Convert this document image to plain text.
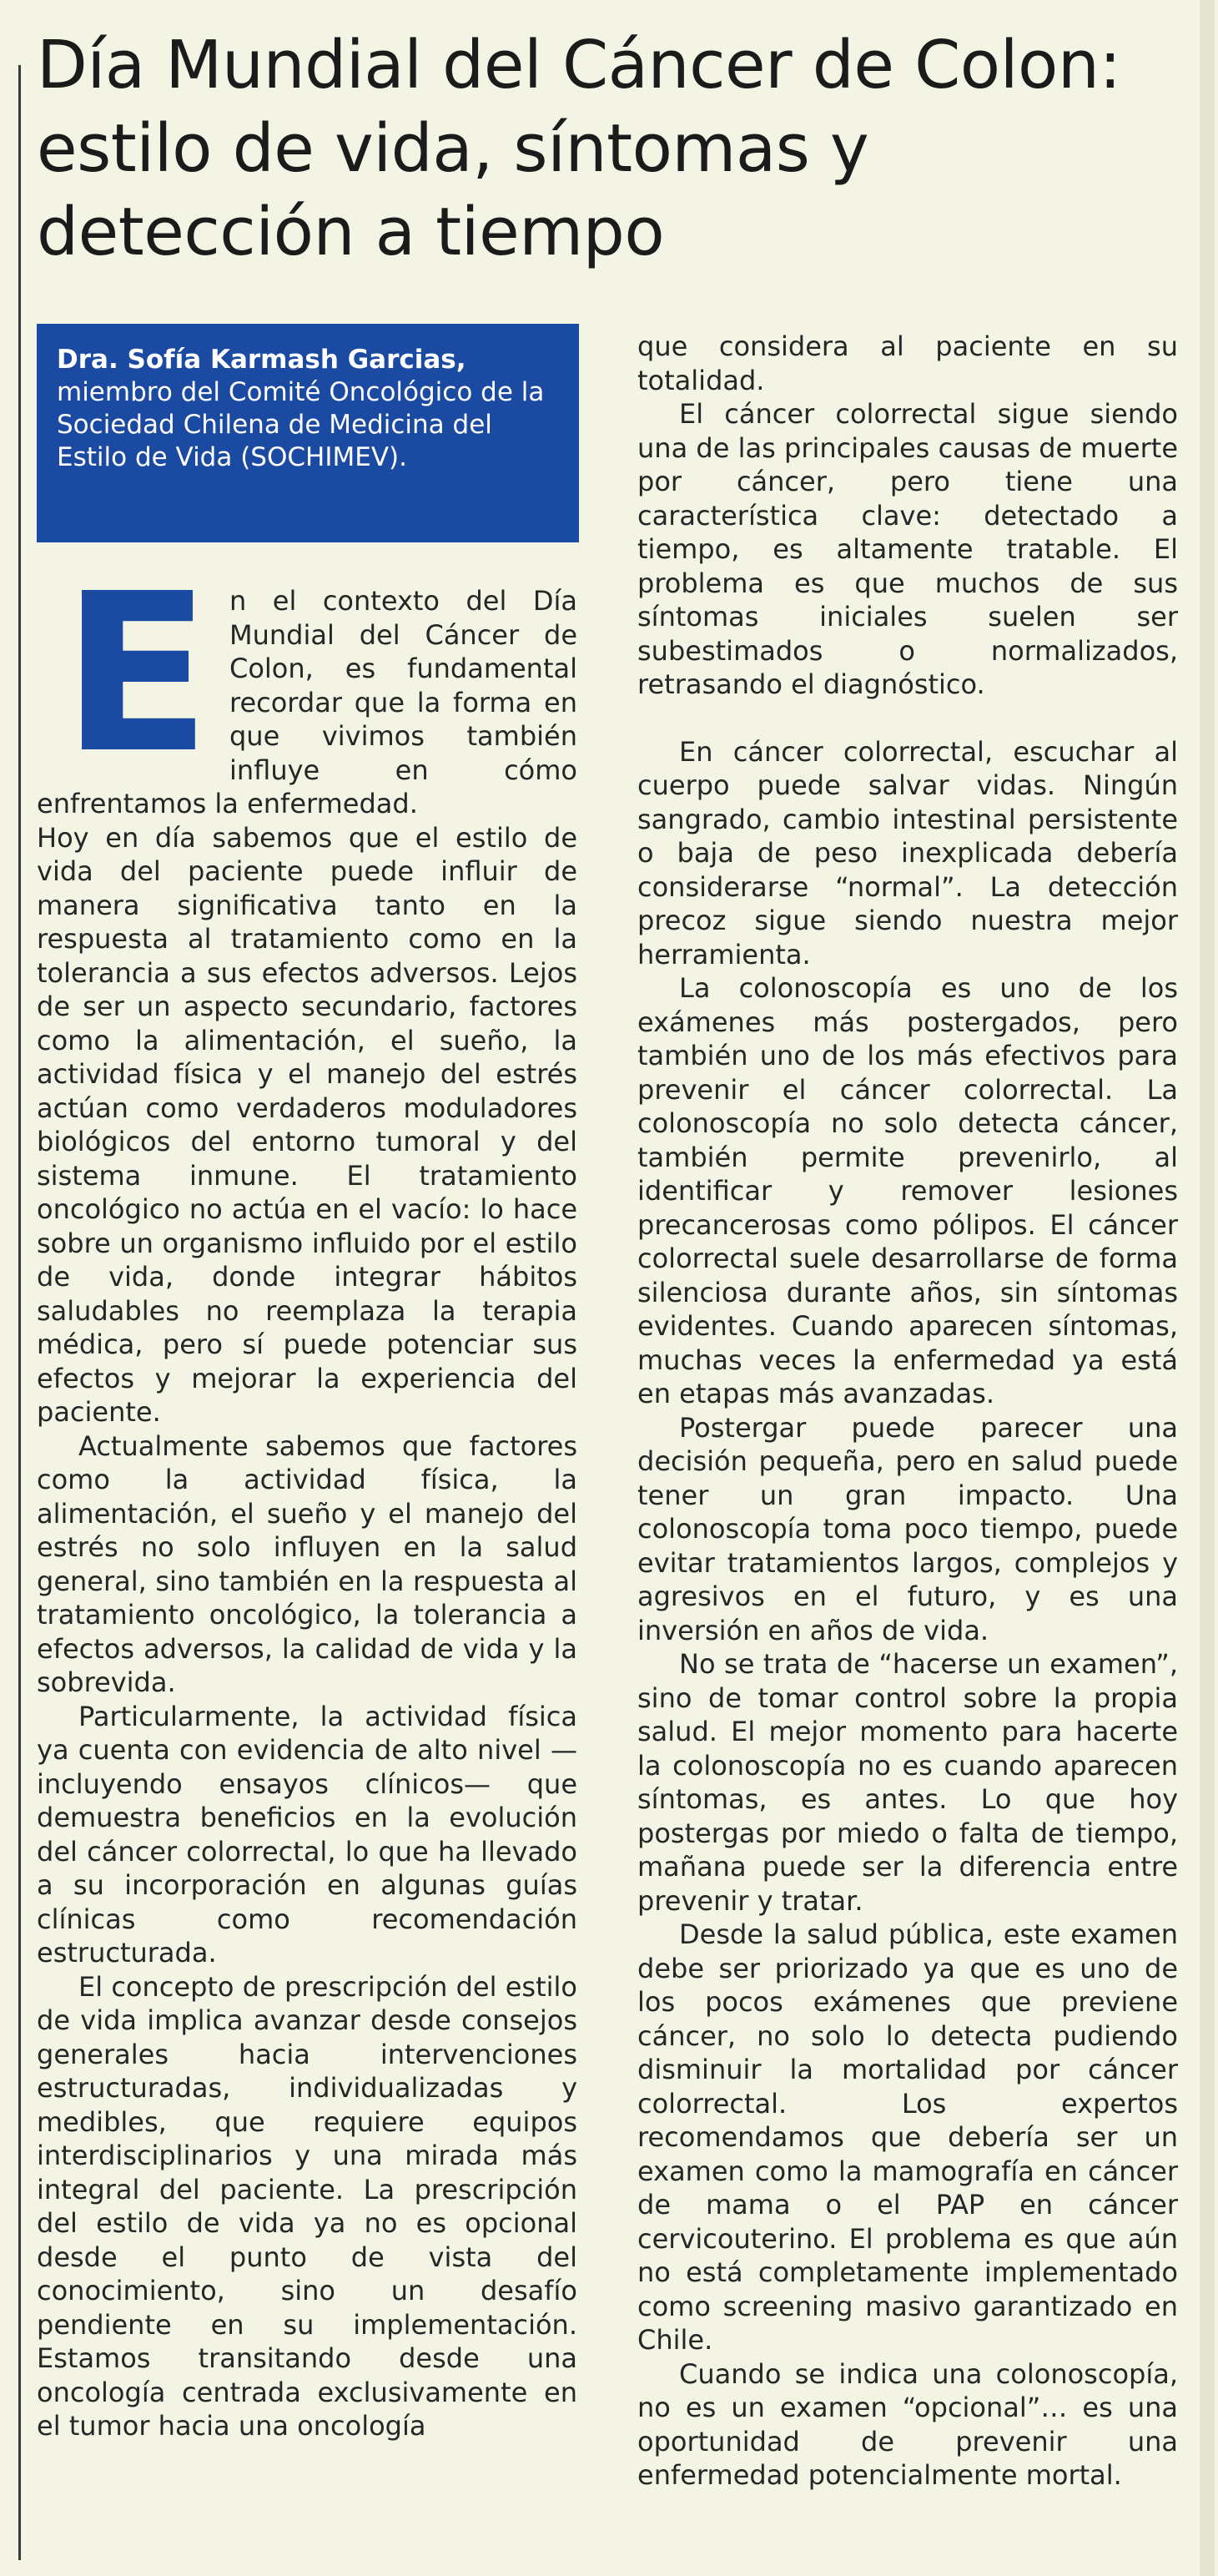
Día Mundial del Cáncer de Colon: estilo de vida, síntomas y detección a tiempo
Dra. Sofía Karmash Garcias,
miembro del Comité Oncológico de la Sociedad Chilena de Medicina del Estilo de Vida (SOCHIMEV).

En el contexto del Día Mundial del Cáncer de Colon, es fundamental recordar que la forma en que vivimos también influye en cómo enfrentamos la enfermedad.

Hoy en día sabemos que el estilo de vida del paciente puede influir de manera significativa tanto en la respuesta al tratamiento como en la tolerancia a sus efectos adversos. Lejos de ser un aspecto secundario, factores como la alimentación, el sueño, la actividad física y el manejo del estrés actúan como verdaderos moduladores biológicos del entorno tumoral y del sistema inmune. El tratamiento oncológico no actúa en el vacío: lo hace sobre un organismo influido por el estilo de vida, donde integrar hábitos saludables no reemplaza la terapia médica, pero sí puede potenciar sus efectos y mejorar la experiencia del paciente.

Actualmente sabemos que factores como la actividad física, la alimentación, el sueño y el manejo del estrés no solo influyen en la salud general, sino también en la respuesta al tratamiento oncológico, la tolerancia a efectos adversos, la calidad de vida y la sobrevida.

Particularmente, la actividad física ya cuenta con evidencia de alto nivel —incluyendo ensayos clínicos— que demuestra beneficios en la evolución del cáncer colorrectal, lo que ha llevado a su incorporación en algunas guías clínicas como recomendación estructurada.

El concepto de prescripción del estilo de vida implica avanzar desde consejos generales hacia intervenciones estructuradas, individualizadas y medibles, que requiere equipos interdisciplinarios y una mirada más integral del paciente. La prescripción del estilo de vida ya no es opcional desde el punto de vista del conocimiento, sino un desafío pendiente en su implementación. Estamos transitando desde una oncología centrada exclusivamente en el tumor hacia una oncología

que considera al paciente en su totalidad.

El cáncer colorrectal sigue siendo una de las principales causas de muerte por cáncer, pero tiene una característica clave: detectado a tiempo, es altamente tratable. El problema es que muchos de sus síntomas iniciales suelen ser subestimados o normalizados, retrasando el diagnóstico.

En cáncer colorrectal, escuchar al cuerpo puede salvar vidas. Ningún sangrado, cambio intestinal persistente o baja de peso inexplicada debería considerarse “normal”. La detección precoz sigue siendo nuestra mejor herramienta.

La colonoscopía es uno de los exámenes más postergados, pero también uno de los más efectivos para prevenir el cáncer colorrectal. La colonoscopía no solo detecta cáncer, también permite prevenirlo, al identificar y remover lesiones precancerosas como pólipos. El cáncer colorrectal suele desarrollarse de forma silenciosa durante años, sin síntomas evidentes. Cuando aparecen síntomas, muchas veces la enfermedad ya está en etapas más avanzadas.

Postergar puede parecer una decisión pequeña, pero en salud puede tener un gran impacto. Una colonoscopía toma poco tiempo, puede evitar tratamientos largos, complejos y agresivos en el futuro, y es una inversión en años de vida.

No se trata de “hacerse un examen”, sino de tomar control sobre la propia salud. El mejor momento para hacerte la colonoscopía no es cuando aparecen síntomas, es antes. Lo que hoy postergas por miedo o falta de tiempo, mañana puede ser la diferencia entre prevenir y tratar.

Desde la salud pública, este examen debe ser priorizado ya que es uno de los pocos exámenes que previene cáncer, no solo lo detecta pudiendo disminuir la mortalidad por cáncer colorrectal. Los expertos recomendamos que debería ser un examen como la mamografía en cáncer de mama o el PAP en cáncer cervicouterino. El problema es que aún no está completamente implementado como screening masivo garantizado en Chile.

Cuando se indica una colonoscopía, no es un examen “opcional”… es una oportunidad de prevenir una enfermedad potencialmente mortal.
